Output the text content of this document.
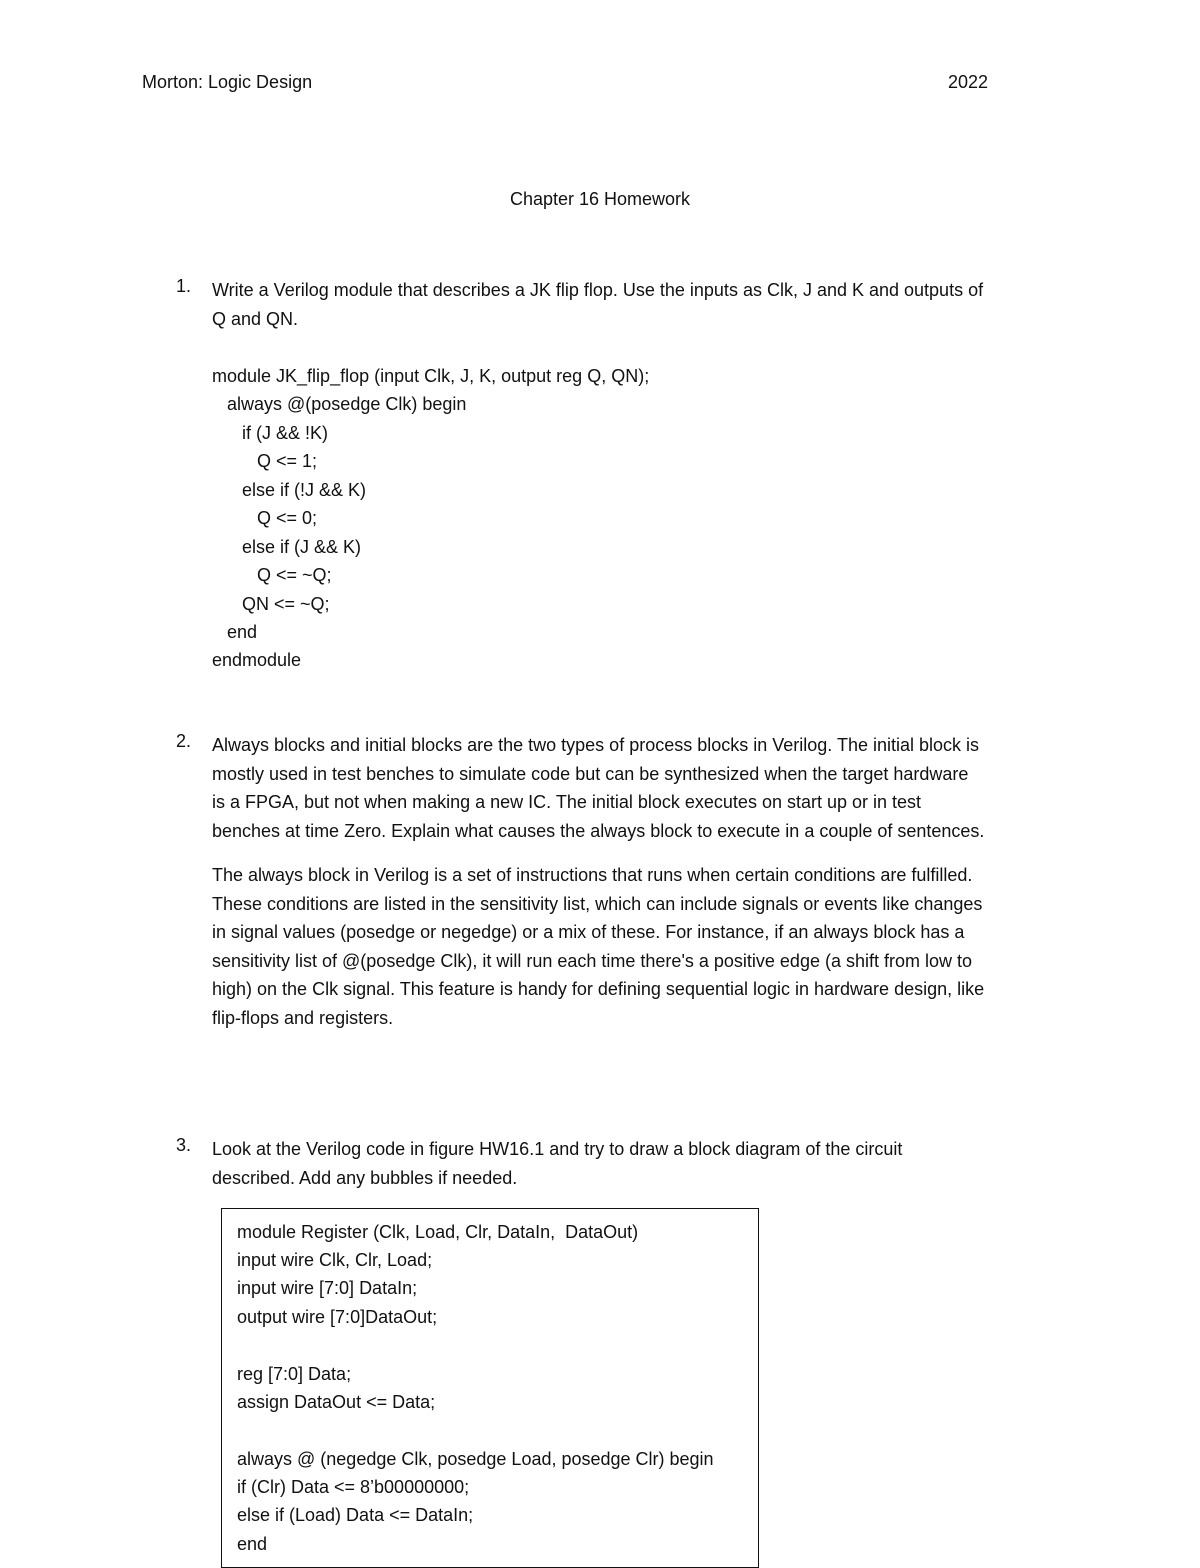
Morton: Logic Design	2022
Chapter 16 Homework
1. Write a Verilog module that describes a JK flip flop. Use the inputs as Clk, J and K and outputs of

Q and QN.

module JK_flip_flop (input Clk, J, K, output reg Q, QN);
always @(posedge Clk) begin
if (J && !K)
Q <= 1;
else if (!J && K)
Q <= 0;
else if (J && K)
Q <= ~Q;
QN <= ~Q;
end
endmodule
2. Always blocks and initial blocks are the two types of process blocks in Verilog. The initial block is

mostly used in test benches to simulate code but can be synthesized when the target hardware

is a FPGA, but not when making a new IC. The initial block executes on start up or in test

benches at time Zero. Explain what causes the always block to execute in a couple of sentences.

The always block in Verilog is a set of instructions that runs when certain conditions are fulfilled.
These conditions are listed in the sensitivity list, which can include signals or events like changes
in signal values (posedge or negedge) or a mix of these. For instance, if an always block has a
sensitivity list of @(posedge Clk), it will run each time there's a positive edge (a shift from low to
high) on the Clk signal. This feature is handy for defining sequential logic in hardware design, like
flip-flops and registers.
3. Look at the Verilog code in figure HW16.1 and try to draw a block diagram of the circuit

described. Add any bubbles if needed.

module Register (Clk, Load, Clr, DataIn,  DataOut)
input wire Clk, Clr, Load;
input wire [7:0] DataIn;
output wire [7:0]DataOut;
reg [7:0] Data;
assign DataOut <= Data;
always @ (negedge Clk, posedge Load, posedge Clr) begin
if (Clr) Data <= 8’b00000000;
else if (Load) Data <= DataIn;
end
